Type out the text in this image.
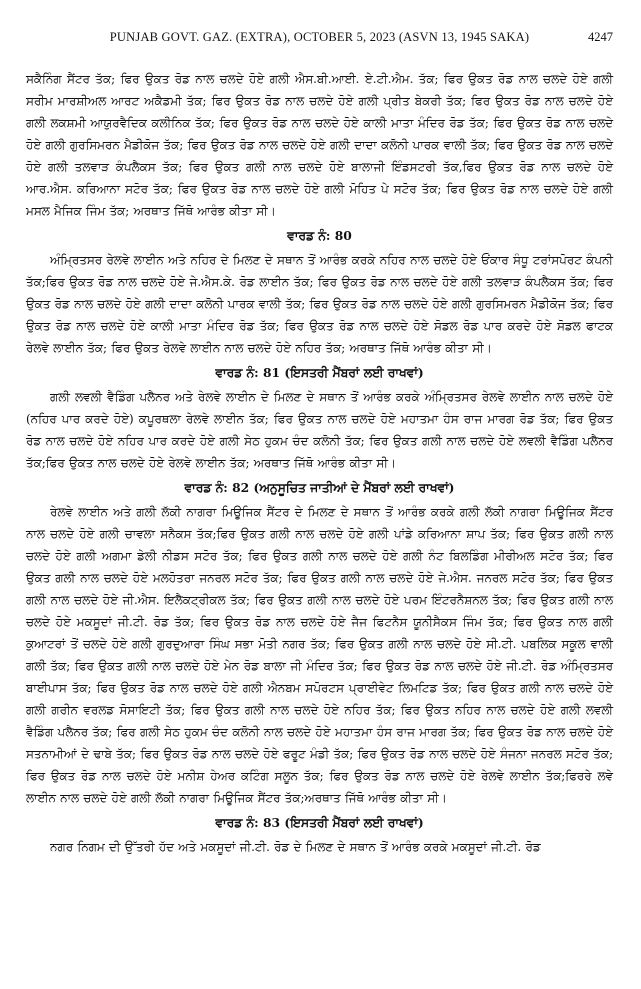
PUNJAB GOVT. GAZ. (EXTRA), OCTOBER 5, 2023 (ASVN 13, 1945 SAKA)	4247

ਸਕੈਨਿੰਗ ਸੈਂਟਰ ਤੱਕ; ਫਿਰ ਉਕਤ ਰੋਡ ਨਾਲ ਚਲਦੇ ਹੋਏ ਗਲੀ ਐਸ.ਬੀ.ਆਈ. ਏ.ਟੀ.ਐਮ. ਤੱਕ; ਫਿਰ ਉਕਤ ਰੋਡ ਨਾਲ ਚਲਦੇ ਹੋਏ ਗਲੀ ਸਰੀਮ ਮਾਰਸ਼ੀਅਲ ਆਰਟ ਅਕੈਡਮੀ ਤੱਕ; ਫਿਰ ਉਕਤ ਰੋਡ ਨਾਲ ਚਲਦੇ ਹੋਏ ਗਲੀ ਪ੍ਰੀਤ ਬੇਕਰੀ ਤੱਕ; ਫਿਰ ਉਕਤ ਰੋਡ ਨਾਲ ਚਲਦੇ ਹੋਏ ਗਲੀ ਲਕਸ਼ਮੀ ਆਯੁਰਵੈਦਿਕ ਕਲੀਨਿਕ ਤੱਕ; ਫਿਰ ਉਕਤ ਰੋਡ ਨਾਲ ਚਲਦੇ ਹੋਏ ਕਾਲੀ ਮਾਤਾ ਮੰਦਿਰ ਰੋਡ ਤੱਕ; ਫਿਰ ਉਕਤ ਰੋਡ ਨਾਲ ਚਲਦੇ ਹੋਏ ਗਲੀ ਗੁਰਸਿਮਰਨ ਮੈਡੀਕੋਜ ਤੱਕ; ਫਿਰ ਉਕਤ ਰੋਡ ਨਾਲ ਚਲਦੇ ਹੋਏ ਗਲੀ ਦਾਦਾ ਕਲੋਨੀ ਪਾਰਕ ਵਾਲੀ ਤੱਕ; ਫਿਰ ਉਕਤ ਰੋਡ ਨਾਲ ਚਲਦੇ ਹੋਏ ਗਲੀ ਤਲਵਾੜ ਕੰਪਲੈਕਸ ਤੱਕ; ਫਿਰ ਉਕਤ ਗਲੀ ਨਾਲ ਚਲਦੇ ਹੋਏ ਬਾਲਾਜੀ ਇੰਡਸਟਰੀ ਤੱਕ,ਫਿਰ ਉਕਤ ਰੋਡ ਨਾਲ ਚਲਦੇ ਹੋਏ ਆਰ.ਐਸ. ਕਰਿਆਨਾ ਸਟੋਰ ਤੱਕ; ਫਿਰ ਉਕਤ ਰੋਡ ਨਾਲ ਚਲਦੇ ਹੋਏ ਗਲੀ ਮੋਹਿਤ ਪੇ ਸਟੋਰ ਤੱਕ; ਫਿਰ ਉਕਤ ਰੋਡ ਨਾਲ ਚਲਦੇ ਹੋਏ ਗਲੀ ਮਸਲ ਮੈਜਿਕ ਜਿੰਮ ਤੱਕ; ਅਰਥਾਤ ਜਿੱਥੋ ਆਰੰਭ ਕੀਤਾ ਸੀ।

ਵਾਰਡ ਨੰ: 80

ਅੰਮ੍ਰਿਤਸਰ ਰੇਲਵੇ ਲਾਈਨ ਅਤੇ ਨਹਿਰ ਦੇ ਮਿਲਣ ਦੇ ਸਥਾਨ ਤੋਂ ਆਰੰਭ ਕਰਕੇ ਨਹਿਰ ਨਾਲ ਚਲਦੇ ਹੋਏ ਓਂਕਾਰ ਸੰਧੂ ਟਰਾਂਸਪੋਰਟ ਕੰਪਨੀ ਤੱਕ;ਫਿਰ ਉਕਤ ਰੋਡ ਨਾਲ ਚਲਦੇ ਹੋਏ ਜੇ.ਐਸ.ਕੇ. ਰੋਡ ਲਾਈਨ ਤੱਕ; ਫਿਰ ਉਕਤ ਰੋਡ ਨਾਲ ਚਲਦੇ ਹੋਏ ਗਲੀ ਤਲਵਾੜ ਕੰਪਲੈਕਸ ਤੱਕ; ਫਿਰ ਉਕਤ ਰੋਡ ਨਾਲ ਚਲਦੇ ਹੋਏ ਗਲੀ ਦਾਦਾ ਕਲੋਨੀ ਪਾਰਕ ਵਾਲੀ ਤੱਕ; ਫਿਰ ਉਕਤ ਰੋਡ ਨਾਲ ਚਲਦੇ ਹੋਏ ਗਲੀ ਗੁਰਸਿਮਰਨ ਮੈਡੀਕੋਜ ਤੱਕ; ਫਿਰ ਉਕਤ ਰੋਡ ਨਾਲ ਚਲਦੇ ਹੋਏ ਕਾਲੀ ਮਾਤਾ ਮੰਦਿਰ ਰੋਡ ਤੱਕ; ਫਿਰ ਉਕਤ ਰੋਡ ਨਾਲ ਚਲਦੇ ਹੋਏ ਸੋਡਲ ਰੋਡ ਪਾਰ ਕਰਦੇ ਹੋਏ ਸੋਡਲ ਫਾਟਕ ਰੇਲਵੇ ਲਾਈਨ ਤੱਕ; ਫਿਰ ਉਕਤ ਰੇਲਵੇ ਲਾਈਨ ਨਾਲ ਚਲਦੇ ਹੋਏ ਨਹਿਰ ਤੱਕ; ਅਰਥਾਤ ਜਿੱਥੋ ਆਰੰਭ ਕੀਤਾ ਸੀ।

ਵਾਰਡ ਨੰ: 81 (ਇਸਤਰੀ ਮੈਂਬਰਾਂ ਲਈ ਰਾਖਵਾਂ)

ਗਲੀ ਲਵਲੀ ਵੈਡਿੰਗ ਪਲੈਨਰ ਅਤੇ ਰੇਲਵੇ ਲਾਈਨ ਦੇ ਮਿਲਣ ਦੇ ਸਥਾਨ ਤੋਂ ਆਰੰਭ ਕਰਕੇ ਅੰਮ੍ਰਿਤਸਰ ਰੇਲਵੇ ਲਾਈਨ ਨਾਲ ਚਲਦੇ ਹੋਏ (ਨਹਿਰ ਪਾਰ ਕਰਦੇ ਹੋਏ) ਕਪੂਰਥਲਾ ਰੇਲਵੇ ਲਾਈਨ ਤੱਕ; ਫਿਰ ਉਕਤ ਨਾਲ ਚਲਦੇ ਹੋਏ ਮਹਾਤਮਾ ਹੰਸ ਰਾਜ ਮਾਰਗ ਰੋਡ ਤੱਕ; ਫਿਰ ਉਕਤ ਰੋਡ ਨਾਲ ਚਲਦੇ ਹੋਏ ਨਹਿਰ ਪਾਰ ਕਰਦੇ ਹੋਏ ਗਲੀ ਸੇਠ ਹੁਕਮ ਚੰਦ ਕਲੋਨੀ ਤੱਕ; ਫਿਰ ਉਕਤ ਗਲੀ ਨਾਲ ਚਲਦੇ ਹੋਏ ਲਵਲੀ ਵੈਡਿੰਗ ਪਲੈਨਰ ਤੱਕ;ਫਿਰ ਉਕਤ ਨਾਲ ਚਲਦੇ ਹੋਏ ਰੇਲਵੇ ਲਾਈਨ ਤੱਕ; ਅਰਥਾਤ ਜਿੱਥੋ ਆਰੰਭ ਕੀਤਾ ਸੀ।

ਵਾਰਡ ਨੰ: 82 (ਅਨੁਸੂਚਿਤ ਜਾਤੀਆਂ ਦੇ ਮੈਂਬਰਾਂ ਲਈ ਰਾਖਵਾਂ)

ਰੇਲਵੇ ਲਾਈਨ ਅਤੇ ਗਲੀ ਲੱਕੀ ਨਾਗਰਾ ਮਿਊਜਿਕ ਸੈਂਟਰ ਦੇ ਮਿਲਣ ਦੇ ਸਥਾਨ ਤੋਂ ਆਰੰਭ ਕਰਕੇ ਗਲੀ ਲੱਕੀ ਨਾਗਰਾ ਮਿਊਜਿਕ ਸੈਂਟਰ ਨਾਲ ਚਲਦੇ ਹੋਏ ਗਲੀ ਚਾਵਲਾ ਸਨੈਕਸ ਤੱਕ;ਫਿਰ ਉਕਤ ਗਲੀ ਨਾਲ ਚਲਦੇ ਹੋਏ ਗਲੀ ਪਾਂਡੇ ਕਰਿਆਨਾ ਸ਼ਾਪ ਤੱਕ; ਫਿਰ ਉਕਤ ਗਲੀ ਨਾਲ ਚਲਦੇ ਹੋਏ ਗਲੀ ਅਗਮਾ ਡੇਲੀ ਨੀਡਸ ਸਟੋਰ ਤੱਕ; ਫਿਰ ਉਕਤ ਗਲੀ ਨਾਲ ਚਲਦੇ ਹੋਏ ਗਲੀ ਨੰਟ ਬਿਲਡਿੰਗ ਮੀਰੀਅਲ ਸਟੋਰ ਤੱਕ; ਫਿਰ ਉਕਤ ਗਲੀ ਨਾਲ ਚਲਦੇ ਹੋਏ ਮਲਹੋਤਰਾ ਜਨਰਲ ਸਟੋਰ ਤੱਕ; ਫਿਰ ਉਕਤ ਗਲੀ ਨਾਲ ਚਲਦੇ ਹੋਏ ਜੇ.ਐਸ. ਜਨਰਲ ਸਟੋਰ ਤੱਕ; ਫਿਰ ਉਕਤ ਗਲੀ ਨਾਲ ਚਲਦੇ ਹੋਏ ਜੀ.ਐਸ. ਇਲੈਕਟ੍ਰੀਕਲ ਤੱਕ; ਫਿਰ ਉਕਤ ਗਲੀ ਨਾਲ ਚਲਦੇ ਹੋਏ ਪਰਮ ਇੰਟਰਨੈਸ਼ਨਲ ਤੱਕ; ਫਿਰ ਉਕਤ ਗਲੀ ਨਾਲ ਚਲਦੇ ਹੋਏ ਮਕਸੂਦਾਂ ਜੀ.ਟੀ. ਰੋਡ ਤੱਕ; ਫਿਰ ਉਕਤ ਰੋਡ ਨਾਲ ਚਲਦੇ ਹੋਏ ਜੈਜ ਫਿਟਨੈਸ ਯੂਨੀਸੈਕਸ ਜਿੰਮ ਤੱਕ; ਫਿਰ ਉਕਤ ਨਾਲ ਗਲੀ ਕੁਆਟਰਾਂ ਤੋਂ ਚਲਦੇ ਹੋਏ ਗਲੀ ਗੁਰਦੁਆਰਾ ਸਿੰਘ ਸਭਾ ਮੋਤੀ ਨਗਰ ਤੱਕ; ਫਿਰ ਉਕਤ ਗਲੀ ਨਾਲ ਚਲਦੇ ਹੋਏ ਸੀ.ਟੀ. ਪਬਲਿਕ ਸਕੂਲ ਵਾਲੀ ਗਲੀ ਤੱਕ; ਫਿਰ ਉਕਤ ਗਲੀ ਨਾਲ ਚਲਦੇ ਹੋਏ ਮੇਨ ਰੋਡ ਬਾਲਾ ਜੀ ਮੰਦਿਰ ਤੱਕ; ਫਿਰ ਉਕਤ ਰੋਡ ਨਾਲ ਚਲਦੇ ਹੋਏ ਜੀ.ਟੀ. ਰੋਡ ਅੰਮ੍ਰਿਤਸਰ ਬਾਈਪਾਸ ਤੱਕ; ਫਿਰ ਉਕਤ ਰੋਡ ਨਾਲ ਚਲਦੇ ਹੋਏ ਗਲੀ ਐਨਬਮ ਸਪੋਰਟਸ ਪ੍ਰਾਈਵੇਟ ਲਿਮਟਿਡ ਤੱਕ; ਫਿਰ ਉਕਤ ਗਲੀ ਨਾਲ ਚਲਦੇ ਹੋਏ ਗਲੀ ਗਰੀਨ ਵਰਲਡ ਸੋਸਾਇਟੀ ਤੱਕ; ਫਿਰ ਉਕਤ ਗਲੀ ਨਾਲ ਚਲਦੇ ਹੋਏ ਨਹਿਰ ਤੱਕ; ਫਿਰ ਉਕਤ ਨਹਿਰ ਨਾਲ ਚਲਦੇ ਹੋਏ ਗਲੀ ਲਵਲੀ ਵੈਡਿੰਗ ਪਲੈਨਰ ਤੱਕ; ਫਿਰ ਗਲੀ ਸੇਠ ਹੁਕਮ ਚੰਦ ਕਲੋਨੀ ਨਾਲ ਚਲਦੇ ਹੋਏ ਮਹਾਤਮਾ ਹੰਸ ਰਾਜ ਮਾਰਗ ਤੱਕ; ਫਿਰ ਉਕਤ ਰੋਡ ਨਾਲ ਚਲਦੇ ਹੋਏ ਸਤਨਾਮੀਆਂ ਦੇ ਢਾਬੇ ਤੱਕ; ਫਿਰ ਉਕਤ ਰੋਡ ਨਾਲ ਚਲਦੇ ਹੋਏ ਫਰੂਟ ਮੰਡੀ ਤੱਕ; ਫਿਰ ਉਕਤ ਰੋਡ ਨਾਲ ਚਲਦੇ ਹੋਏ ਸੰਜਨਾ ਜਨਰਲ ਸਟੋਰ ਤੱਕ; ਫਿਰ ਉਕਤ ਰੋਡ ਨਾਲ ਚਲਦੇ ਹੋਏ ਮਨੀਸ਼ ਹੇਅਰ ਕਟਿੰਗ ਸਲੂਨ ਤੱਕ; ਫਿਰ ਉਕਤ ਰੋਡ ਨਾਲ ਚਲਦੇ ਹੋਏ ਰੇਲਵੇ ਲਾਈਨ ਤੱਕ;ਫਿਰਰੇ ਲਵੇ ਲਾਈਨ ਨਾਲ ਚਲਦੇ ਹੋਏ ਗਲੀ ਲੱਕੀ ਨਾਗਰਾ ਮਿਊਜਿਕ ਸੈਂਟਰ ਤੱਕ;ਅਰਥਾਤ ਜਿੱਥੋ ਆਰੰਭ ਕੀਤਾ ਸੀ।

ਵਾਰਡ ਨੰ: 83 (ਇਸਤਰੀ ਮੈਂਬਰਾਂ ਲਈ ਰਾਖਵਾਂ)

ਨਗਰ ਨਿਗਮ ਦੀ ਉੱਤਰੀ ਹੱਦ ਅਤੇ ਮਕਸੂਦਾਂ ਜੀ.ਟੀ. ਰੋਡ ਦੇ ਮਿਲਣ ਦੇ ਸਥਾਨ ਤੋਂ ਆਰੰਭ ਕਰਕੇ ਮਕਸੂਦਾਂ ਜੀ.ਟੀ. ਰੋਡ
